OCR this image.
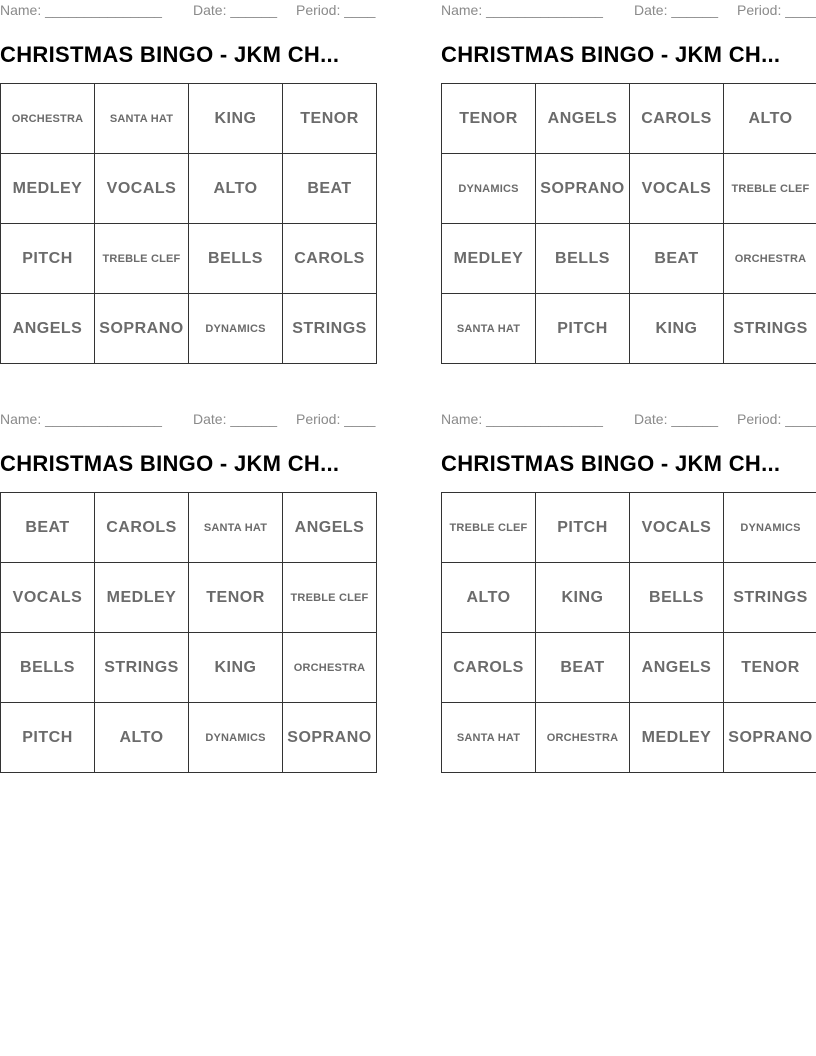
Name: _______________ Date: ______ Period: ____
CHRISTMAS BINGO - JKM CH...
ORCHESTRA	SANTA HAT	KING	TENOR
MEDLEY	VOCALS	ALTO	BEAT
PITCH	TREBLE CLEF	BELLS	CAROLS
ANGELS	SOPRANO	DYNAMICS	STRINGS
Name: _______________ Date: ______ Period: ____
CHRISTMAS BINGO - JKM CH...
TENOR	ANGELS	CAROLS	ALTO
DYNAMICS	SOPRANO	VOCALS	TREBLE CLEF
MEDLEY	BELLS	BEAT	ORCHESTRA
SANTA HAT	PITCH	KING	STRINGS
Name: _______________ Date: ______ Period: ____
CHRISTMAS BINGO - JKM CH...
BEAT	CAROLS	SANTA HAT	ANGELS
VOCALS	MEDLEY	TENOR	TREBLE CLEF
BELLS	STRINGS	KING	ORCHESTRA
PITCH	ALTO	DYNAMICS	SOPRANO
Name: _______________ Date: ______ Period: ____
CHRISTMAS BINGO - JKM CH...
TREBLE CLEF	PITCH	VOCALS	DYNAMICS
ALTO	KING	BELLS	STRINGS
CAROLS	BEAT	ANGELS	TENOR
SANTA HAT	ORCHESTRA	MEDLEY	SOPRANO
